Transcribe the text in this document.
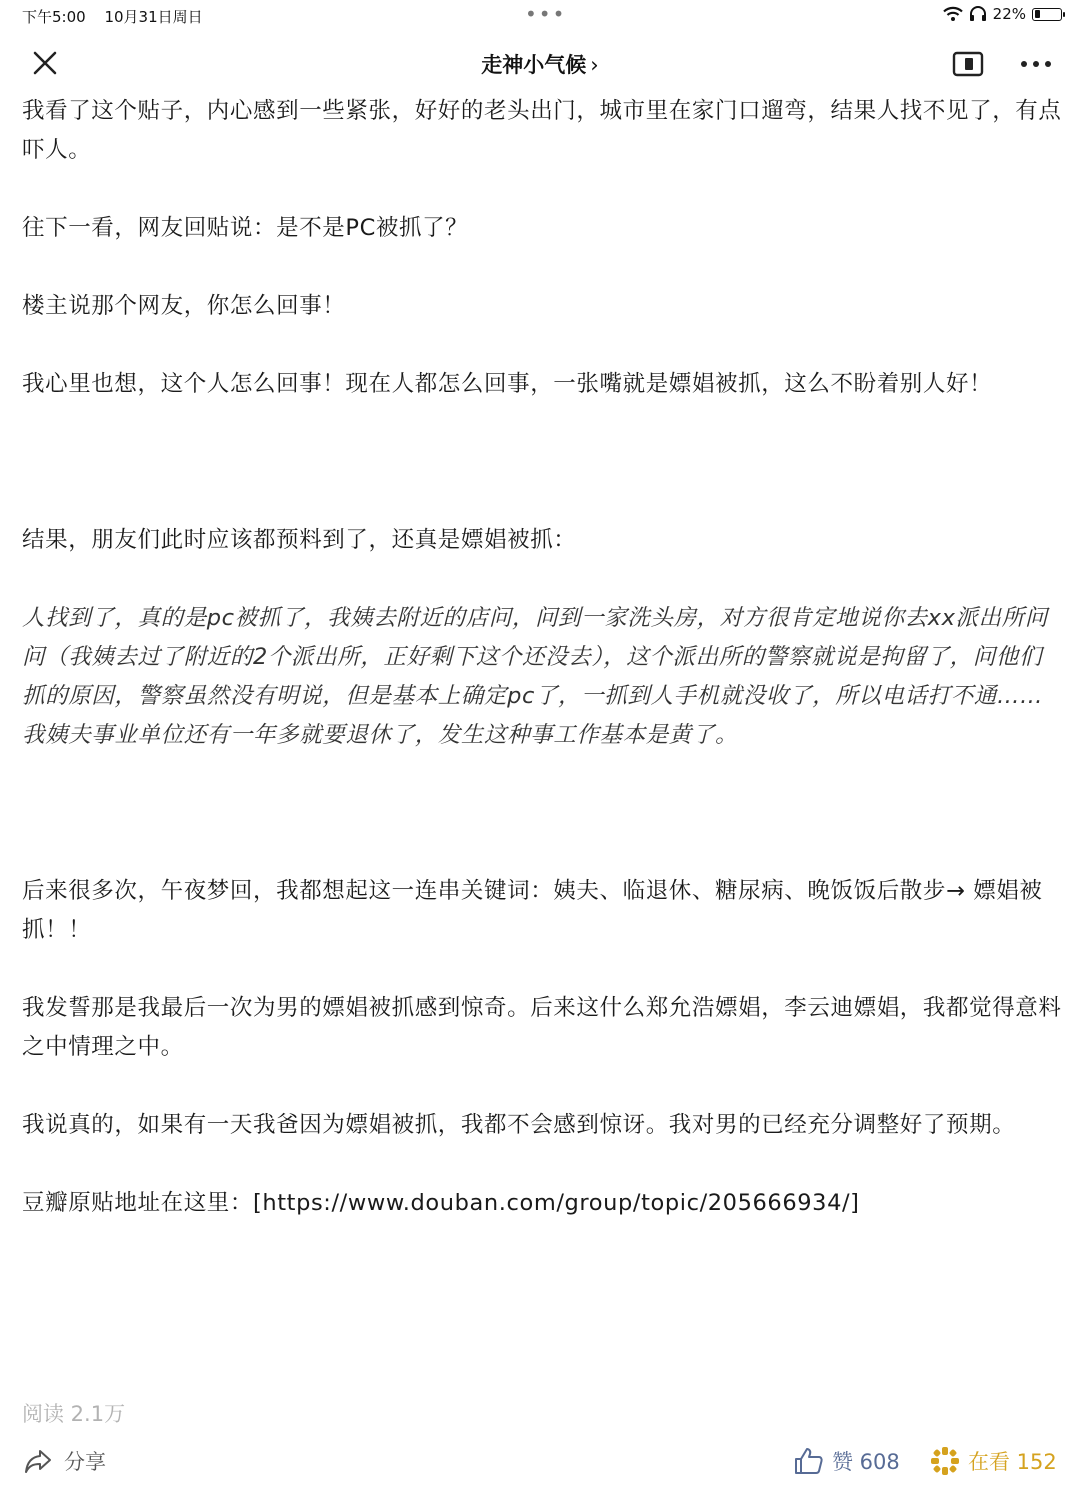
下午5:00 10月31日周日	•••	22%
走神小气候 ›

我看了这个贴子，内心感到一些紧张，好好的老头出门，城市里在家门口遛弯，结果人找不见了，有点吓人。

往下一看，网友回贴说：是不是PC被抓了？

楼主说那个网友，你怎么回事！

我心里也想，这个人怎么回事！现在人都怎么回事，一张嘴就是嫖娼被抓，这么不盼着别人好！

结果，朋友们此时应该都预料到了，还真是嫖娼被抓：

人找到了，真的是pc被抓了，我姨去附近的店问，问到一家洗头房，对方很肯定地说你去xx派出所问问（我姨去过了附近的2个派出所，正好剩下这个还没去），这个派出所的警察就说是拘留了，问他们抓的原因，警察虽然没有明说，但是基本上确定pc了，一抓到人手机就没收了，所以电话打不通……我姨夫事业单位还有一年多就要退休了，发生这种事工作基本是黄了。

后来很多次，午夜梦回，我都想起这一连串关键词：姨夫、临退休、糖尿病、晚饭饭后散步→ 嫖娼被抓！！

我发誓那是我最后一次为男的嫖娼被抓感到惊奇。后来这什么郑允浩嫖娼，李云迪嫖娼，我都觉得意料之中情理之中。

我说真的，如果有一天我爸因为嫖娼被抓，我都不会感到惊讶。我对男的已经充分调整好了预期。

豆瓣原贴地址在这里：[https://www.douban.com/group/topic/205666934/]

阅读 2.1万
分享	赞 608	在看 152
